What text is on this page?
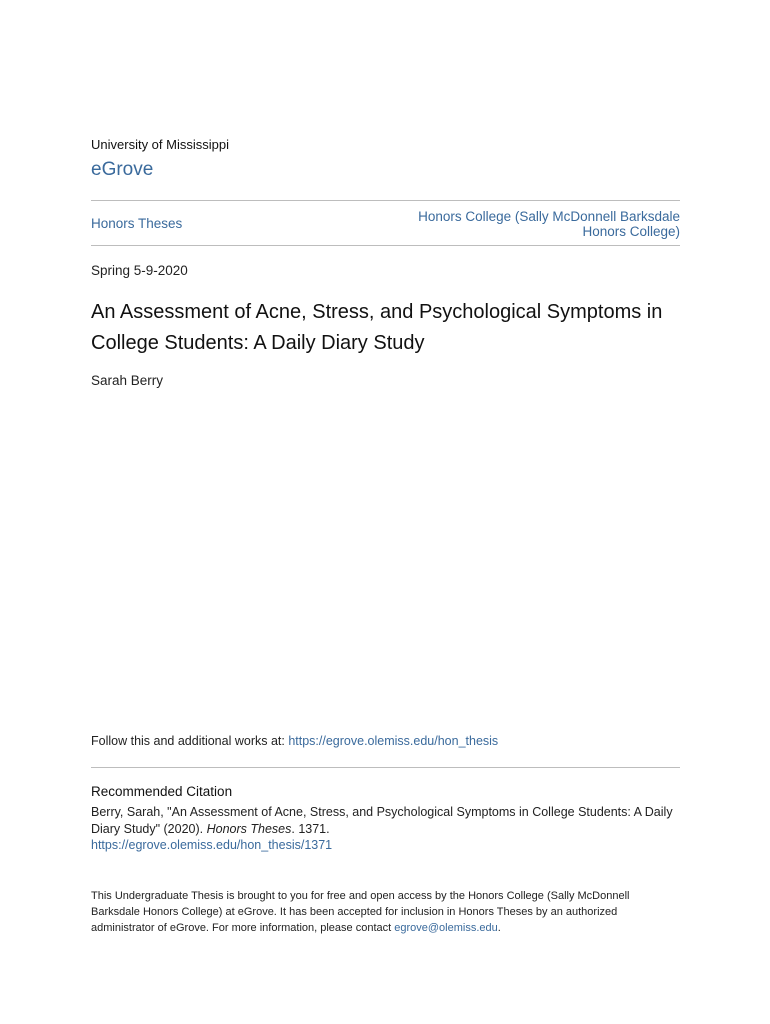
University of Mississippi
eGrove
Honors Theses	Honors College (Sally McDonnell Barksdale Honors College)
Spring 5-9-2020
An Assessment of Acne, Stress, and Psychological Symptoms in College Students: A Daily Diary Study
Sarah Berry
Follow this and additional works at: https://egrove.olemiss.edu/hon_thesis
Recommended Citation
Berry, Sarah, "An Assessment of Acne, Stress, and Psychological Symptoms in College Students: A Daily Diary Study" (2020). Honors Theses. 1371.
https://egrove.olemiss.edu/hon_thesis/1371
This Undergraduate Thesis is brought to you for free and open access by the Honors College (Sally McDonnell Barksdale Honors College) at eGrove. It has been accepted for inclusion in Honors Theses by an authorized administrator of eGrove. For more information, please contact egrove@olemiss.edu.
